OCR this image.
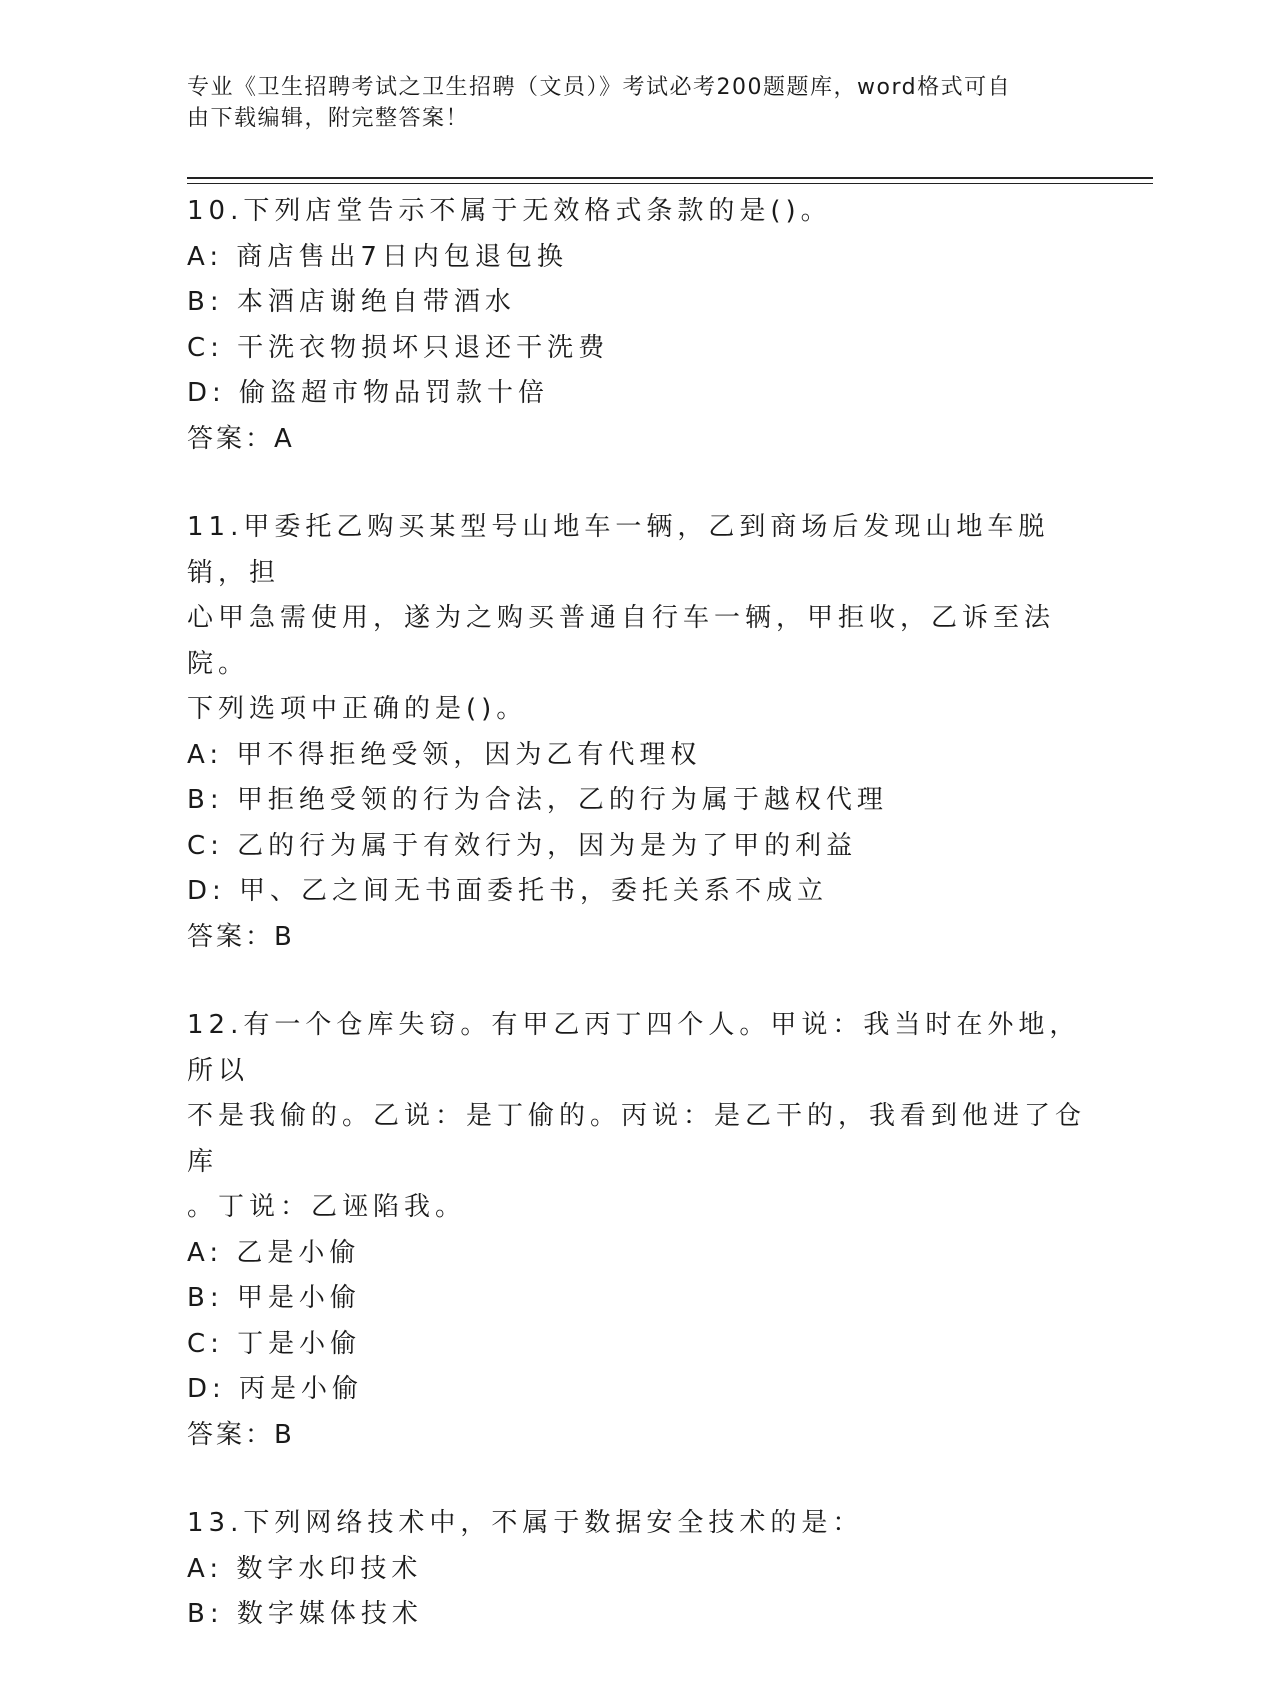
专业《卫生招聘考试之卫生招聘（文员）》考试必考200题题库，word格式可自
由下载编辑，附完整答案！
10.下列店堂告示不属于无效格式条款的是()。
A: 商店售出7日内包退包换
B: 本酒店谢绝自带酒水
C: 干洗衣物损坏只退还干洗费
D: 偷盗超市物品罚款十倍
答案：A
11.甲委托乙购买某型号山地车一辆，乙到商场后发现山地车脱销，担
心甲急需使用，遂为之购买普通自行车一辆，甲拒收，乙诉至法院。
下列选项中正确的是()。
A: 甲不得拒绝受领，因为乙有代理权
B: 甲拒绝受领的行为合法，乙的行为属于越权代理
C: 乙的行为属于有效行为，因为是为了甲的利益
D: 甲、乙之间无书面委托书，委托关系不成立
答案：B
12.有一个仓库失窃。有甲乙丙丁四个人。甲说：我当时在外地，所以
不是我偷的。乙说：是丁偷的。丙说：是乙干的，我看到他进了仓库
。丁说：乙诬陷我。
A: 乙是小偷
B: 甲是小偷
C: 丁是小偷
D: 丙是小偷
答案：B
13.下列网络技术中，不属于数据安全技术的是：
A: 数字水印技术
B: 数字媒体技术
